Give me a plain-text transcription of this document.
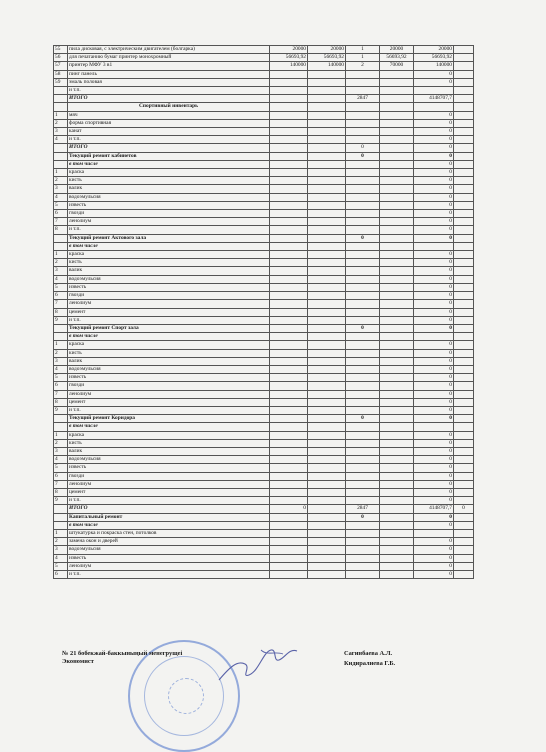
55	пила дисковая, с электрическим двигателем (болгарка)	20000	20000	1	20000	20000	
56	для печатанию бумаг принтер монохромный	56693,92	56693,92	1	56693,92	56693,92	
57	принтер МФУ 3 в1	140000	140000	2	70000	140000	
58	пинг панель					0	
59	эмаль половая					0	
	и т.п.						
	ИТОГО			2847		4148707,7	
	Спортивный инвентарь						
1	мяч					0	
2	форма спортивная					0	
3	канат					0	
4	и т.п.					0	
	ИТОГО			0		0	
	Текущий ремонт кабинетов			0		0	
	в том числе					0	
1	краска					0	
2	кисть					0	
3	валик					0	
4	водоэмульсия					0	
5	известь					0	
6	гвозди					0	
7	ленолиум					0	
8	и т.п.					0	
	Текущий ремонт Актового зала			0		0	
	в том числе						
1	краска					0	
2	кисть					0	
3	валик					0	
4	водоэмульсия					0	
5	известь					0	
6	гвозди					0	
7	ленолиум					0	
8	цемент					0	
9	и т.п.					0	
	Текущий ремонт Спорт зала			0		0	
	в том числе						
1	краска					0	
2	кисть					0	
3	валик					0	
4	водоэмульсия					0	
5	известь					0	
6	гвозди					0	
7	ленолиум					0	
8	цемент					0	
9	и т.п.					0	
	Текущий ремонт Коридора			0		0	
	в том числе						
1	краска					0	
2	кисть					0	
3	валик					0	
4	водоэмульсия					0	
5	известь					0	
6	гвозди					0	
7	ленолиум					0	
8	цемент					0	
9	и т.п.					0	
	ИТОГО	0		2847		4148707,7	0
	Капитальный ремонт			0		0	
	в том числе					0	
1	штукатурка и покраска стен, потолков						
2	замена окон и дверей					0	
3	водоэмульсия					0	
4	известь					0	
5	ленолиум					0	
6	и т.п.					0	
№ 21 бобекжай-баккыныңый менегрущеі
Экономист
Сагинбаева А.Л.
Кидиралиева Г.Б.
